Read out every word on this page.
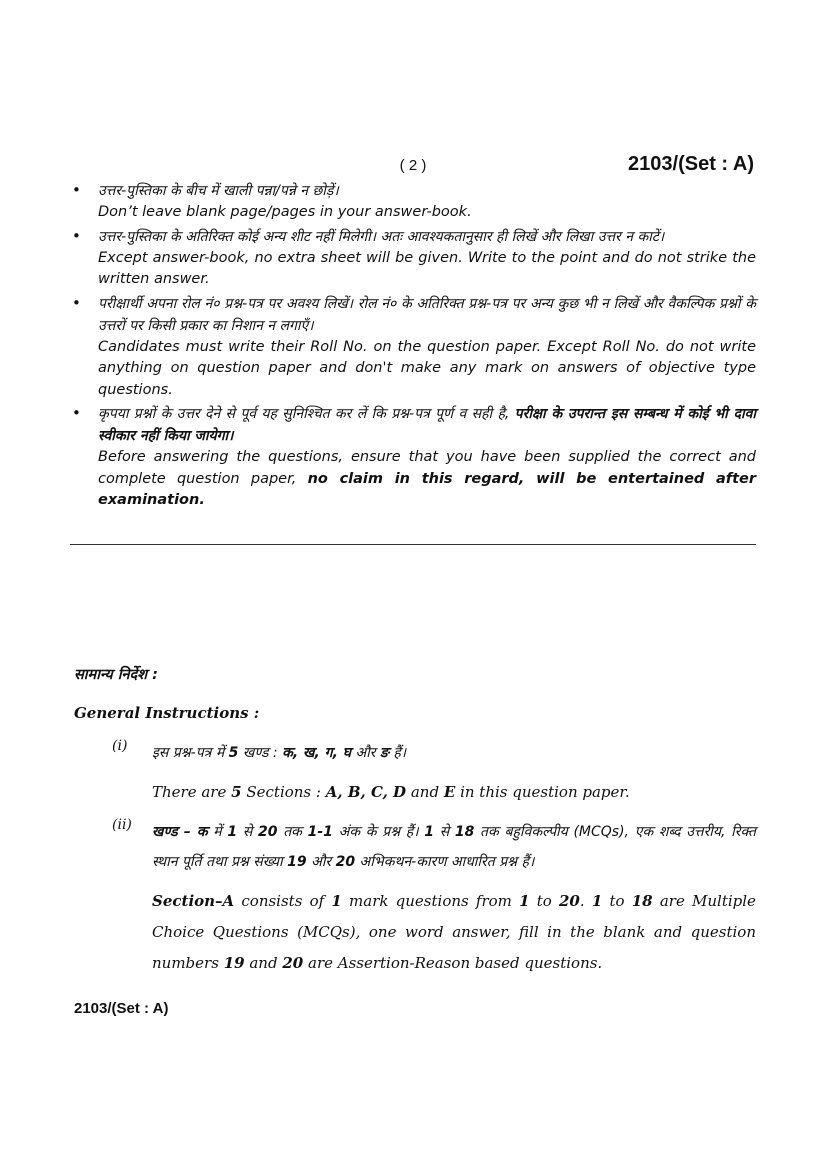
( 2 )	2103/(Set : A)
• उत्तर-पुस्तिका के बीच में खाली पन्ना/पन्ने न छोड़ें।

Don’t leave blank page/pages in your answer-book.

• उत्तर-पुस्तिका के अतिरिक्त कोई अन्य शीट नहीं मिलेगी। अतः आवश्यकतानुसार ही लिखें और लिखा उत्तर न काटें।

Except answer-book, no extra sheet will be given. Write to the point and do not strike the written answer.

• परीक्षार्थी अपना रोल नं० प्रश्न-पत्र पर अवश्य लिखें। रोल नं० के अतिरिक्त प्रश्न-पत्र पर अन्य कुछ भी न लिखें और वैकल्पिक प्रश्नों के उत्तरों पर किसी प्रकार का निशान न लगाएँ।

Candidates must write their Roll No. on the question paper. Except Roll No. do not write anything on question paper and don't make any mark on answers of objective type questions.

• कृपया प्रश्नों के उत्तर देने से पूर्व यह सुनिश्चित कर लें कि प्रश्न-पत्र पूर्ण व सही है, परीक्षा के उपरान्त इस सम्बन्ध में कोई भी दावा स्वीकार नहीं किया जायेगा।

Before answering the questions, ensure that you have been supplied the correct and complete question paper, no claim in this regard, will be entertained after examination.

सामान्य निर्देश :
General Instructions :
(i) इस प्रश्न-पत्र में 5 खण्ड : क, ख, ग, घ और ङ हैं।

There are 5 Sections : A, B, C, D and E in this question paper.

(ii) खण्ड – क में 1 से 20 तक 1-1 अंक के प्रश्न हैं। 1 से 18 तक बहुविकल्पीय (MCQs), एक शब्द उत्तरीय, रिक्त स्थान पूर्ति तथा प्रश्न संख्या 19 और 20 अभिकथन-कारण आधारित प्रश्न हैं।

Section–A consists of 1 mark questions from 1 to 20. 1 to 18 are Multiple Choice Questions (MCQs), one word answer, fill in the blank and question numbers 19 and 20 are Assertion-Reason based questions.

2103/(Set : A)
